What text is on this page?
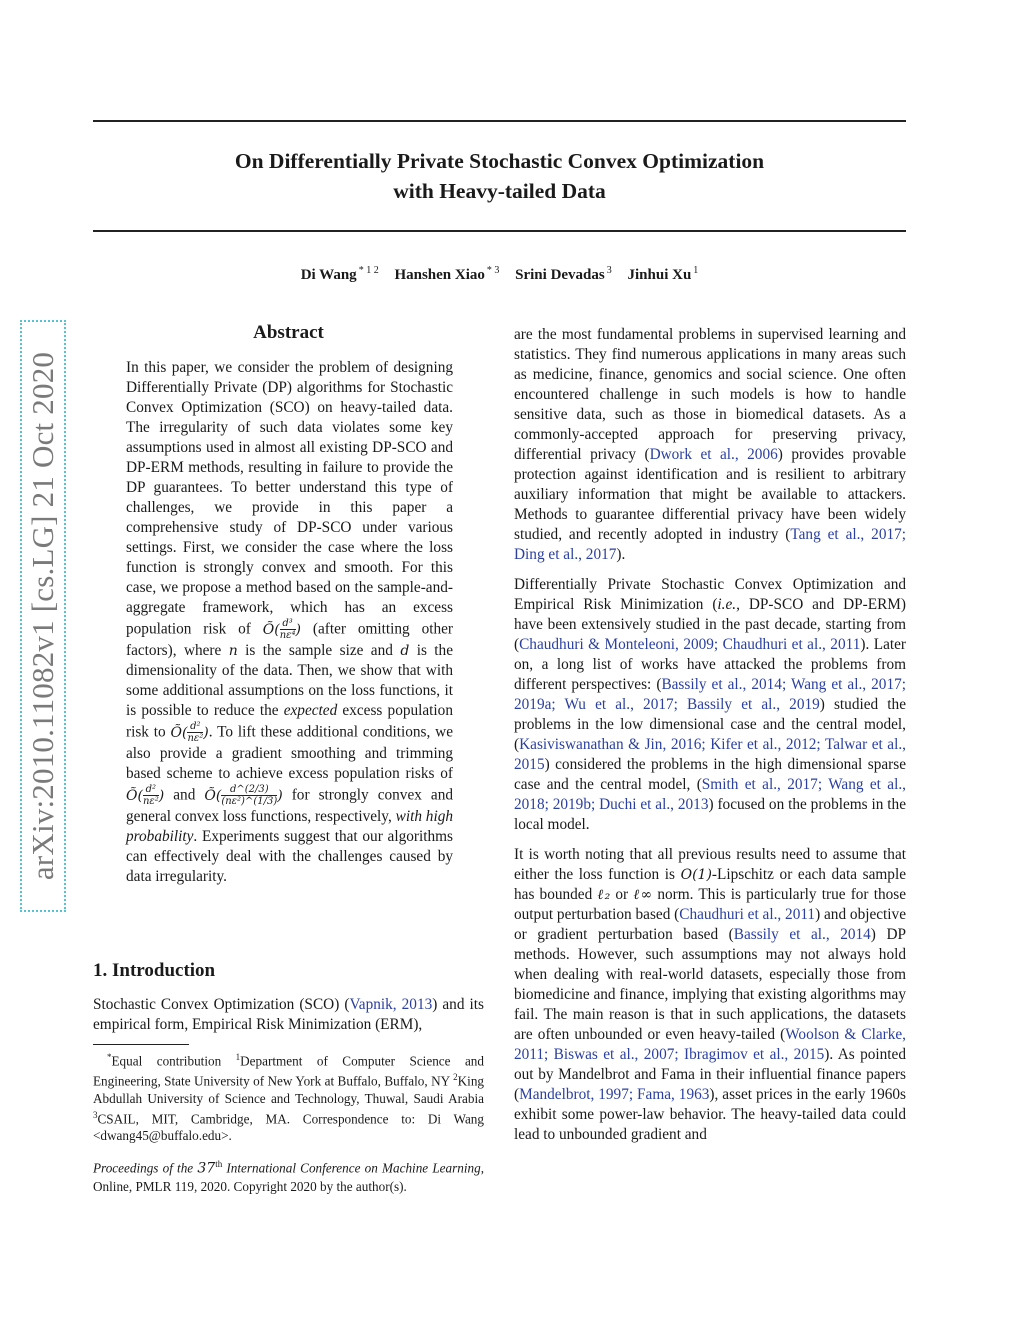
On Differentially Private Stochastic Convex Optimization
with Heavy-tailed Data
Di Wang $^{* 1 2}$ Hanshen Xiao $^{* 3}$ Srini Devadas $^3$ Jinhui Xu $^1$
arXiv:2010.11082v1 [cs.LG] 21 Oct 2020
Abstract

In this paper, we consider the problem of designing Differentially Private (DP) algorithms for Stochastic Convex Optimization (SCO) on heavy-tailed data. The irregularity of such data violates some key assumptions used in almost all existing DP-SCO and DP-ERM methods, resulting in failure to provide the DP guarantees. To better understand this type of challenges, we provide in this paper a comprehensive study of DP-SCO under various settings. First, we consider the case where the loss function is strongly convex and smooth. For this case, we propose a method based on the sample-and-aggregate framework, which has an excess population risk of Õ( $\frac{\text{d³}}{\text{nε⁴}}$ ) (after omitting other factors), where n is the sample size and d is the dimensionality of the data. Then, we show that with some additional assumptions on the loss functions, it is possible to reduce the expected excess population risk to Õ( $\frac{\text{d²}}{\text{nε²}}$ ). To lift these additional conditions, we also provide a gradient smoothing and trimming based scheme to achieve excess population risks of Õ( $\frac{\text{d²}}{\text{nε²}}$ ) and Õ( $\frac{d\^{}(2/3)}{\text{(nε²)\textasciicircum{}(1/3)}}$ ) for strongly convex and general convex loss functions, respectively, with high probability. Experiments suggest that our algorithms can effectively deal with the challenges caused by data irregularity.

1. Introduction

Stochastic Convex Optimization (SCO) (Vapnik, 2013) and its empirical form, Empirical Risk Minimization (ERM),

*Equal contribution $^1$Department of Computer Science and Engineering, State University of New York at Buffalo, Buffalo, NY $^2$King Abdullah University of Science and Technology, Thuwal, Saudi Arabia $^3$CSAIL, MIT, Cambridge, MA. Correspondence to: Di Wang <dwang45@buffalo.edu>.

Proceedings of the 37th International Conference on Machine Learning, Online, PMLR 119, 2020. Copyright 2020 by the author(s).

are the most fundamental problems in supervised learning and statistics. They find numerous applications in many areas such as medicine, finance, genomics and social science. One often encountered challenge in such models is how to handle sensitive data, such as those in biomedical datasets. As a commonly-accepted approach for preserving privacy, differential privacy (Dwork et al., 2006) provides provable protection against identification and is resilient to arbitrary auxiliary information that might be available to attackers. Methods to guarantee differential privacy have been widely studied, and recently adopted in industry (Tang et al., 2017; Ding et al., 2017).

Differentially Private Stochastic Convex Optimization and Empirical Risk Minimization (i.e., DP-SCO and DP-ERM) have been extensively studied in the past decade, starting from (Chaudhuri & Monteleoni, 2009; Chaudhuri et al., 2011). Later on, a long list of works have attacked the problems from different perspectives: (Bassily et al., 2014; Wang et al., 2017; 2019a; Wu et al., 2017; Bassily et al., 2019) studied the problems in the low dimensional case and the central model, (Kasiviswanathan & Jin, 2016; Kifer et al., 2012; Talwar et al., 2015) considered the problems in the high dimensional sparse case and the central model, (Smith et al., 2017; Wang et al., 2018; 2019b; Duchi et al., 2013) focused on the problems in the local model.

It is worth noting that all previous results need to assume that either the loss function is O(1)-Lipschitz or each data sample has bounded ℓ₂ or ℓ∞ norm. This is particularly true for those output perturbation based (Chaudhuri et al., 2011) and objective or gradient perturbation based (Bassily et al., 2014) DP methods. However, such assumptions may not always hold when dealing with real-world datasets, especially those from biomedicine and finance, implying that existing algorithms may fail. The main reason is that in such applications, the datasets are often unbounded or even heavy-tailed (Woolson & Clarke, 2011; Biswas et al., 2007; Ibragimov et al., 2015). As pointed out by Mandelbrot and Fama in their influential finance papers (Mandelbrot, 1997; Fama, 1963), asset prices in the early 1960s exhibit some power-law behavior. The heavy-tailed data could lead to unbounded gradient and
